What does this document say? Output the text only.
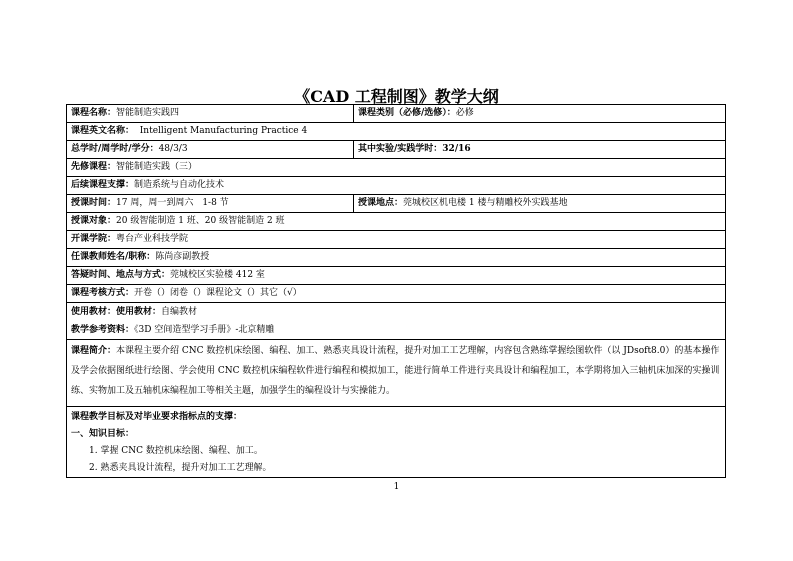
《CAD 工程制图》教学大纲
课程名称：智能制造实践四	课程类别（必修/选修）：必修
课程英文名称： Intelligent Manufacturing Practice 4	
总学时/周学时/学分：48/3/3	其中实验/实践学时：32/16
先修课程：智能制造实践（三）	
后续课程支撑：制造系统与自动化技术	
授课时间：17 周，周一到周六　1-8 节	授课地点：莞城校区机电楼 1 楼与精雕校外实践基地
授课对象：20 级智能制造 1 班、20 级智能制造 2 班	
开课学院：粤台产业科技学院	
任课教师姓名/职称：陈尚彦副教授	
答疑时间、地点与方式：莞城校区实验楼 412 室	
课程考核方式：开卷（）闭卷（）课程论文（）其它（√）	

使用教材：使用教材：自编教材
教学参考资料：《3D 空间造型学习手册》-北京精雕	

课程简介：本课程主要介绍 CNC 数控机床绘图、编程、加工、熟悉夹具设计流程，提升对加工工艺理解，内容包含熟练掌握绘图软件（以 JDsoft8.0）的基本操作及学会依据图纸进行绘图、学会使用 CNC 数控机床编程软件进行编程和模拟加工，能进行简单工件进行夹具设计和编程加工，本学期将加入三轴机床加深的实操训练、实物加工及五轴机床编程加工等相关主题，加强学生的编程设计与实操能力。	

课程教学目标及对毕业要求指标点的支撑：
一、知识目标：
1. 掌握 CNC 数控机床绘图、编程、加工。
2. 熟悉夹具设计流程，提升对加工工艺理解。	
1
